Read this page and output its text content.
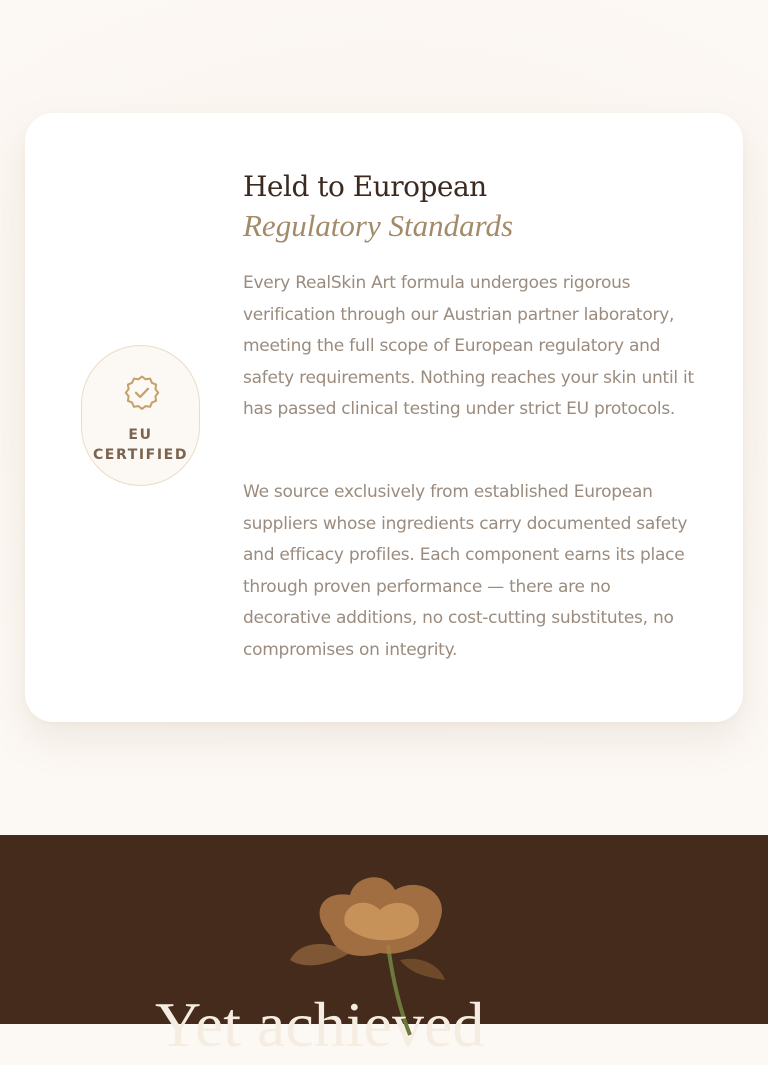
EU
CERTIFIED
Held to European
Regulatory Standards

Every RealSkin Art formula undergoes rigorous verification through our Austrian partner laboratory, meeting the full scope of European regulatory and safety requirements. Nothing reaches your skin until it has passed clinical testing under strict EU protocols.

We source exclusively from established European suppliers whose ingredients carry documented safety and efficacy profiles. Each component earns its place through proven performance — there are no decorative additions, no cost-cutting substitutes, no compromises on integrity.

Yet achieved
